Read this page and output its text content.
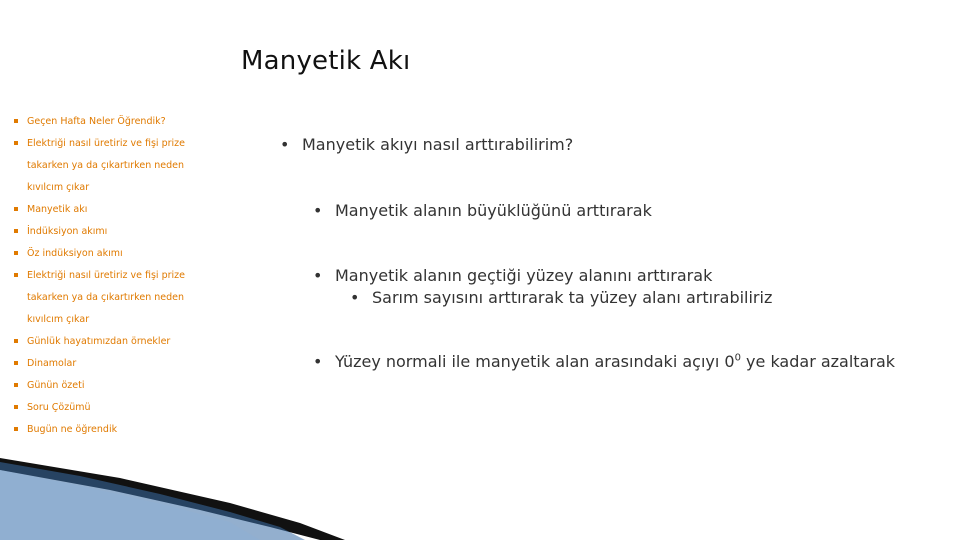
Manyetik Akı
Geçen Hafta Neler Öğrendik?
Elektriği nasıl üretiriz ve fişi prize takarken ya da çıkartırken neden kıvılcım çıkar
Manyetik akı
İndüksiyon akımı
Öz indüksiyon akımı
Elektriği nasıl üretiriz ve fişi prize takarken ya da çıkartırken neden kıvılcım çıkar
Günlük hayatımızdan örnekler
Dinamolar
Günün özeti
Soru Çözümü
Bugün ne öğrendik
• Manyetik akıyı nasıl arttırabilirim?
• Manyetik alanın büyüklüğünü arttırarak
• Manyetik alanın geçtiği yüzey alanını arttırarak
• Sarım sayısını arttırarak ta yüzey alanı artırabiliriz
• Yüzey normali ile manyetik alan arasındaki açıyı $0^0$ ye kadar azaltarak
